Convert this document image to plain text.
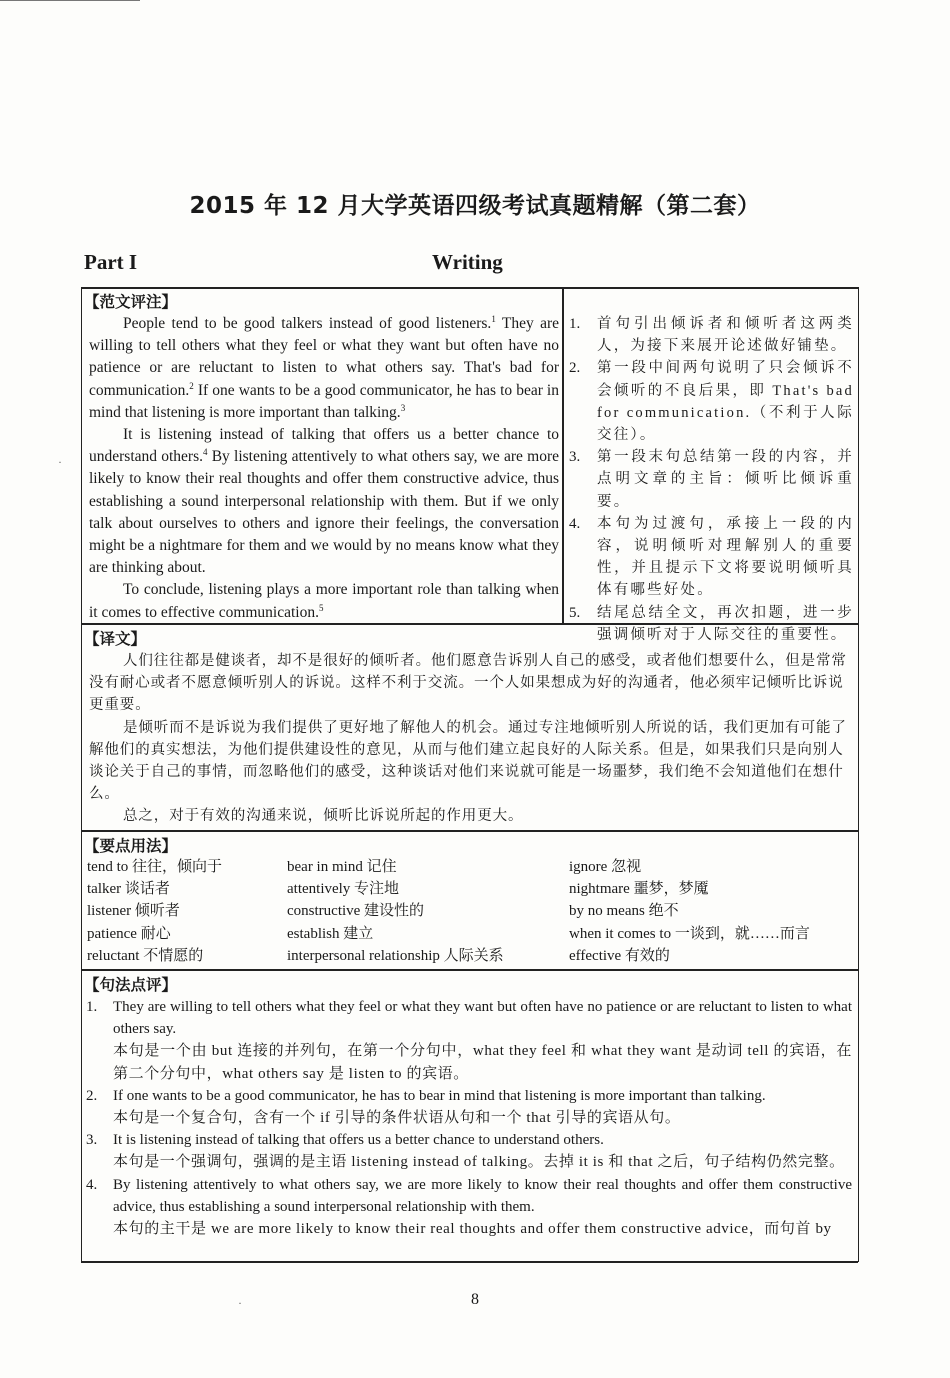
2015 年 12 月大学英语四级考试真题精解（第二套）
Part I	Writing
【范文评注】

People tend to be good talkers instead of good listeners.$^1$ They are willing to tell others what they feel or what they want but often have no patience or are reluctant to listen to what others say. That's bad for communication.$^2$ If one wants to be a good communicator, he has to bear in mind that listening is more important than talking.$^3$

It is listening instead of talking that offers us a better chance to understand others.$^4$ By listening attentively to what others say, we are more likely to know their real thoughts and offer them constructive advice, thus establishing a sound interpersonal relationship with them. But if we only talk about ourselves to others and ignore their feelings, the conversation might be a nightmare for them and we would by no means know what they are thinking about.

To conclude, listening plays a more important role than talking when it comes to effective communication.$^5$

1.	首句引出倾诉者和倾听者这两类人，为接下来展开论述做好铺垫。
2.	第一段中间两句说明了只会倾诉不会倾听的不良后果，即 That's bad for communication.（不利于人际交往）。
3.	第一段末句总结第一段的内容，并点明文章的主旨：倾听比倾诉重要。
4.	本句为过渡句，承接上一段的内容，说明倾听对理解别人的重要性，并且提示下文将要说明倾听具体有哪些好处。
5.	结尾总结全文，再次扣题，进一步强调倾听对于人际交往的重要性。
【译文】

人们往往都是健谈者，却不是很好的倾听者。他们愿意告诉别人自己的感受，或者他们想要什么，但是常常没有耐心或者不愿意倾听别人的诉说。这样不利于交流。一个人如果想成为好的沟通者，他必须牢记倾听比诉说更重要。

是倾听而不是诉说为我们提供了更好地了解他人的机会。通过专注地倾听别人所说的话，我们更加有可能了解他们的真实想法，为他们提供建设性的意见，从而与他们建立起良好的人际关系。但是，如果我们只是向别人谈论关于自己的事情，而忽略他们的感受，这种谈话对他们来说就可能是一场噩梦，我们绝不会知道他们在想什么。

总之，对于有效的沟通来说，倾听比诉说所起的作用更大。

【要点用法】
tend to 往往，倾向于	bear in mind 记住	ignore 忽视
talker 谈话者	attentively 专注地	nightmare 噩梦，梦魇
listener 倾听者	constructive 建设性的	by no means 绝不
patience 耐心	establish 建立	when it comes to 一谈到，就……而言
reluctant 不情愿的	interpersonal relationship 人际关系	effective 有效的
【句法点评】
1.	They are willing to tell others what they feel or what they want but often have no patience or are reluctant to listen to what others say.
本句是一个由 but 连接的并列句，在第一个分句中，what they feel 和 what they want 是动词 tell 的宾语，在第二个分句中，what others say 是 listen to 的宾语。
2.	If one wants to be a good communicator, he has to bear in mind that listening is more important than talking.
本句是一个复合句，含有一个 if 引导的条件状语从句和一个 that 引导的宾语从句。
3.	It is listening instead of talking that offers us a better chance to understand others.
本句是一个强调句，强调的是主语 listening instead of talking。去掉 it is 和 that 之后，句子结构仍然完整。
4.	By listening attentively to what others say, we are more likely to know their real thoughts and offer them constructive advice, thus establishing a sound interpersonal relationship with them.
本句的主干是 we are more likely to know their real thoughts and offer them constructive advice，而句首 by
8
·
·
